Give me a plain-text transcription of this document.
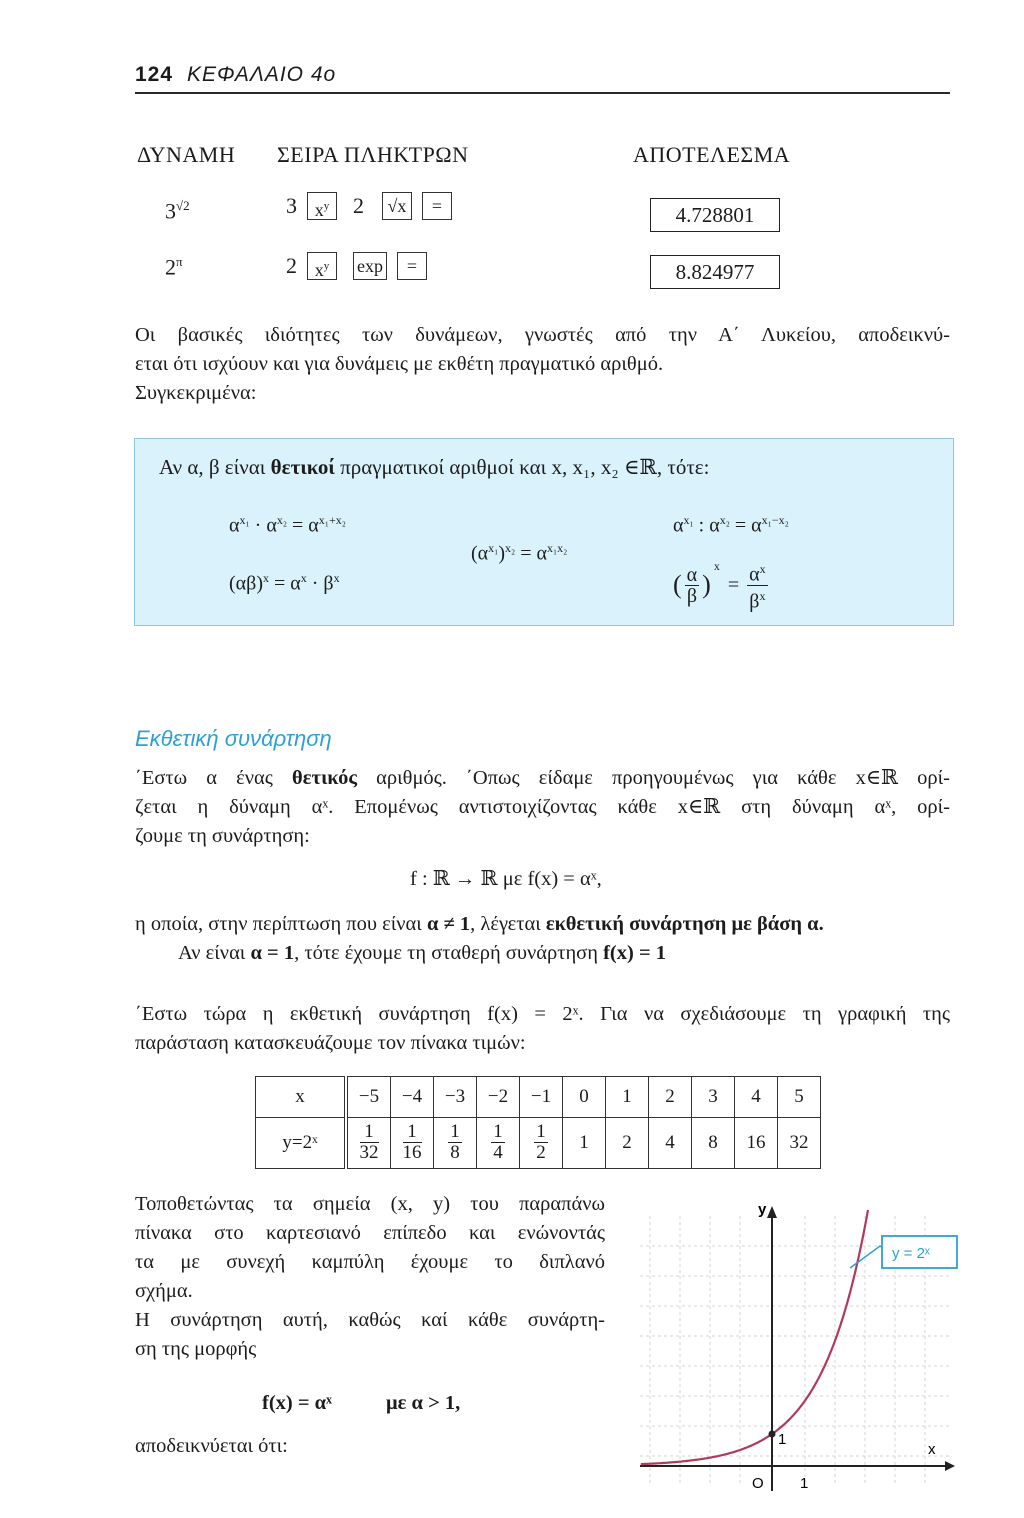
124 ΚΕΦΑΛΑΙΟ 4ο
ΔΥΝΑΜΗ ΣΕΙΡΑ ΠΛΗΚΤΡΩΝ	ΑΠΟΤΕΛΕΣΜΑ
$3^{√2}$	3 $x^y$	2	√x	=	4.728801
$2^\pi$	2 $x^y$	exp	=	8.824977
Οι βασικές ιδιότητες των δυνάμεων, γνωστές από την Α΄ Λυκείου, αποδεικνύ-
εται ότι ισχύουν και για δυνάμεις με εκθέτη πραγματικό αριθμό.
Συγκεκριμένα:
Αν α, β είναι θετικοί πραγματικοί αριθμοί και x, x₁, x₂ ∈ℝ, τότε:
$\alpha^{x_1} \cdot \alpha^{x_2} = \alpha^{x_1+x_2}$
$(\alpha\beta)^x = \alpha^x \cdot \beta^x$
$(\alpha^{x_1})^{x_2} = \alpha^{x_1x_2}$
$\alpha^{x_1}$ : $\alpha^{x_2} = \alpha^{x_1-x_2}$
( $\frac{\alpha}{\beta}$ )
$^x$
= $\frac{\alpha^x}{\beta^x}$
Εκθετική συνάρτηση
΄Εστω α ένας θετικός αριθμός. ΄Οπως είδαμε προηγουμένως για κάθε x∈ℝ ορί-
ζεται η δύναμη αˣ. Επομένως αντιστοιχίζοντας κάθε x∈ℝ στη δύναμη αˣ, ορί-
ζουμε τη συνάρτηση:
f : ℝ → ℝ με f(x) = αˣ,
η οποία, στην περίπτωση που είναι α ≠ 1, λέγεται εκθετική συνάρτηση με βάση α.
Αν είναι α = 1, τότε έχουμε τη σταθερή συνάρτηση f(x) = 1
΄Εστω τώρα η εκθετική συνάρτηση f(x) = 2ˣ. Για να σχεδιάσουμε τη γραφική της
παράσταση κατασκευάζουμε τον πίνακα τιμών:
x	−5	−4	−3	−2	−1	0	1	2	3	4	5
y=2ˣ	$\frac{1}{32}$	$\frac{1}{16}$	$\frac{1}{8}$	$\frac{1}{4}$	$\frac{1}{2}$	1	2	4	8	16	32
Τοποθετώντας τα σημεία (x, y) του παραπάνω
πίνακα στο καρτεσιανό επίπεδο και ενώνοντάς
τα με συνεχή καμπύλη έχουμε το διπλανό
σχήμα.
Η συνάρτηση αυτή, καθώς καί κάθε συνάρτη-
ση της μορφής
f(x) = αˣ	με α > 1,
αποδεικνύεται ότι:
y
x
O 1
1
y = 2ˣ
